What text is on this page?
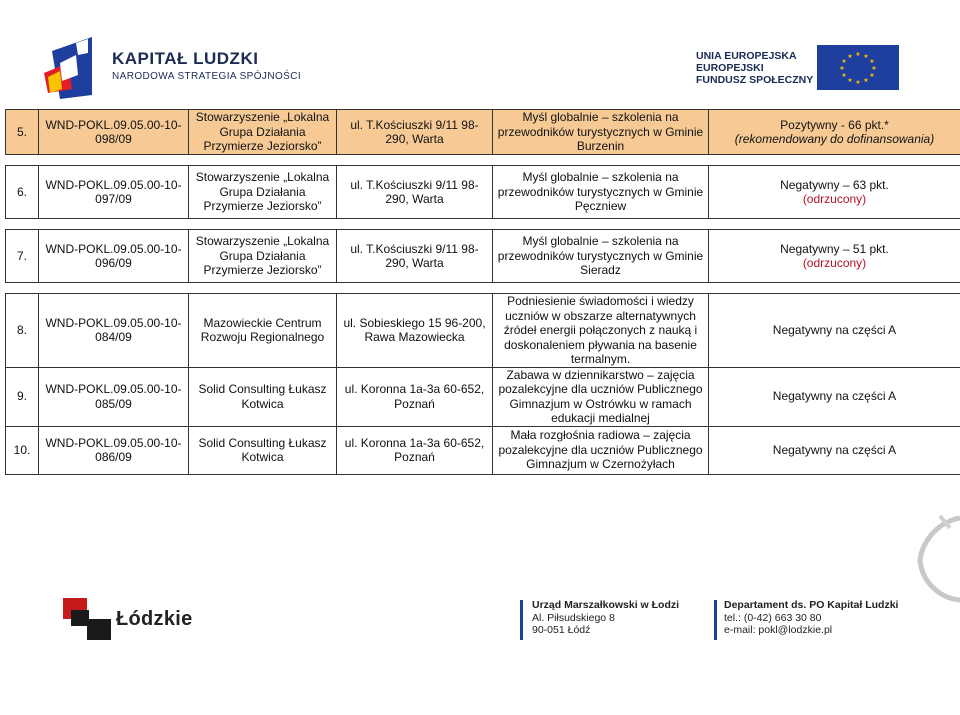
KAPITAŁ LUDZKI
NARODOWA STRATEGIA SPÓJNOŚCI
UNIA EUROPEJSKA
EUROPEJSKI
FUNDUSZ SPOŁECZNY
★ ★
★
★
★
★
★
★
★
★
★
★
5.	WND-POKL.09.05.00-10-098/09	Stowarzyszenie „Lokalna Grupa Działania Przymierze Jeziorsko”	ul. T.Kościuszki 9/11 98-290, Warta	Myśl globalnie – szkolenia na przewodników turystycznych w Gminie Burzenin	Pozytywny - 66 pkt.*
(rekomendowany do dofinansowania)

6.	WND-POKL.09.05.00-10-097/09	Stowarzyszenie „Lokalna Grupa Działania Przymierze Jeziorsko”	ul. T.Kościuszki 9/11 98-290, Warta	Myśl globalnie – szkolenia na przewodników turystycznych w Gminie Pęczniew	Negatywny – 63 pkt.
(odrzucony)

7.	WND-POKL.09.05.00-10-096/09	Stowarzyszenie „Lokalna Grupa Działania Przymierze Jeziorsko”	ul. T.Kościuszki 9/11 98-290, Warta	Myśl globalnie – szkolenia na przewodników turystycznych w Gminie Sieradz	Negatywny – 51 pkt.
(odrzucony)

8.	WND-POKL.09.05.00-10-084/09	Mazowieckie Centrum Rozwoju Regionalnego	ul. Sobieskiego 15 96-200, Rawa Mazowiecka	Podniesienie świadomości i wiedzy uczniów w obszarze alternatywnych źródeł energii połączonych z nauką i doskonaleniem pływania na basenie termalnym.	Negatywny na części A
9.	WND-POKL.09.05.00-10-085/09	Solid Consulting Łukasz Kotwica	ul. Koronna 1a-3a 60-652, Poznań	Zabawa w dziennikarstwo – zajęcia pozalekcyjne dla uczniów Publicznego Gimnazjum w Ostrówku w ramach edukacji medialnej	Negatywny na części A
10.	WND-POKL.09.05.00-10-086/09	Solid Consulting Łukasz Kotwica	ul. Koronna 1a-3a 60-652, Poznań	Mała rozgłośnia radiowa – zajęcia pozalekcyjne dla uczniów Publicznego Gimnazjum w Czernożyłach	Negatywny na części A
Łódzkie
Urząd Marszałkowski w Łodzi
Al. Piłsudskiego 8
90-051 Łódź
Departament ds. PO Kapitał Ludzki
tel.: (0-42) 663 30 80
e-mail: pokl@lodzkie.pl
